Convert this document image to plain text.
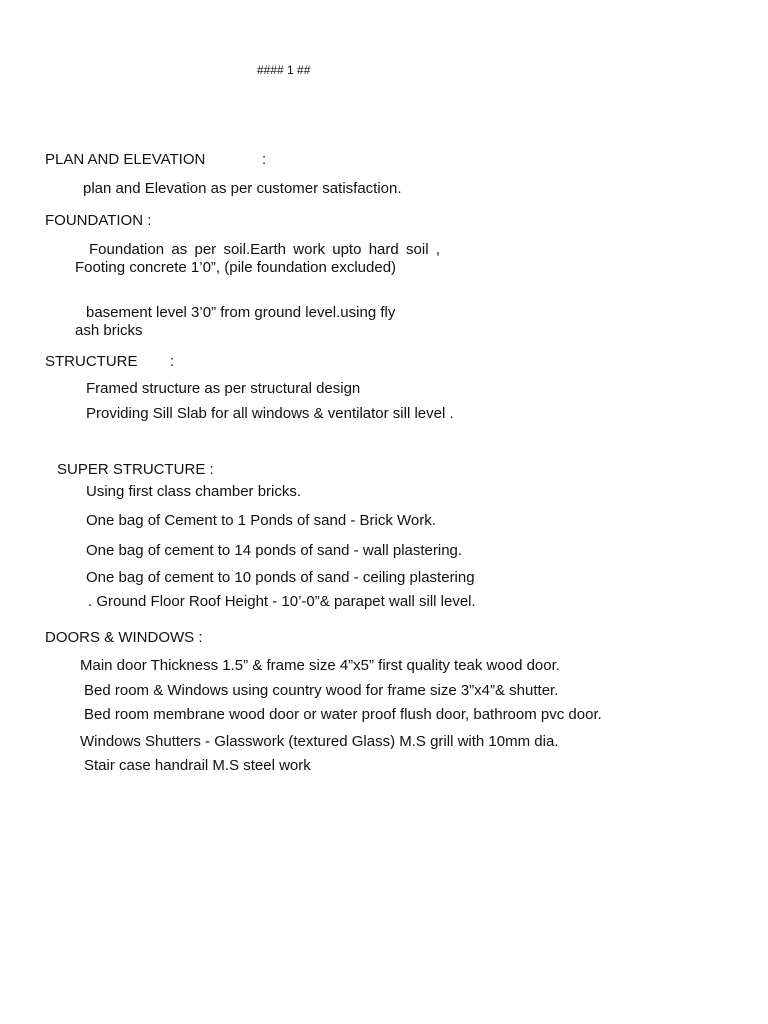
#### 1 ##
PLAN AND ELEVATION	:
plan and Elevation as per customer satisfaction.
FOUNDATION :
Foundation as per soil.Earth work upto hard soil , Footing concrete 1’0”, (pile foundation excluded)
basement level 3’0” from ground level.using fly
ash bricks
STRUCTURE :
Framed structure as per structural design
Providing Sill Slab for all windows & ventilator sill level .
SUPER STRUCTURE :
Using first class chamber bricks.
One bag of Cement to 1 Ponds of sand - Brick Work.
One bag of cement to 14 ponds of sand - wall plastering.
One bag of cement to 10 ponds of sand - ceiling plastering
. Ground Floor Roof Height - 10’-0”& parapet wall sill level.
DOORS & WINDOWS :
Main door Thickness 1.5” & frame size 4”x5” first quality teak wood door.
Bed room & Windows using country wood for frame size 3”x4”& shutter.
Bed room membrane wood door or water proof flush door, bathroom pvc door.
Windows Shutters - Glasswork (textured Glass) M.S grill with 10mm dia.
Stair case handrail M.S steel work
